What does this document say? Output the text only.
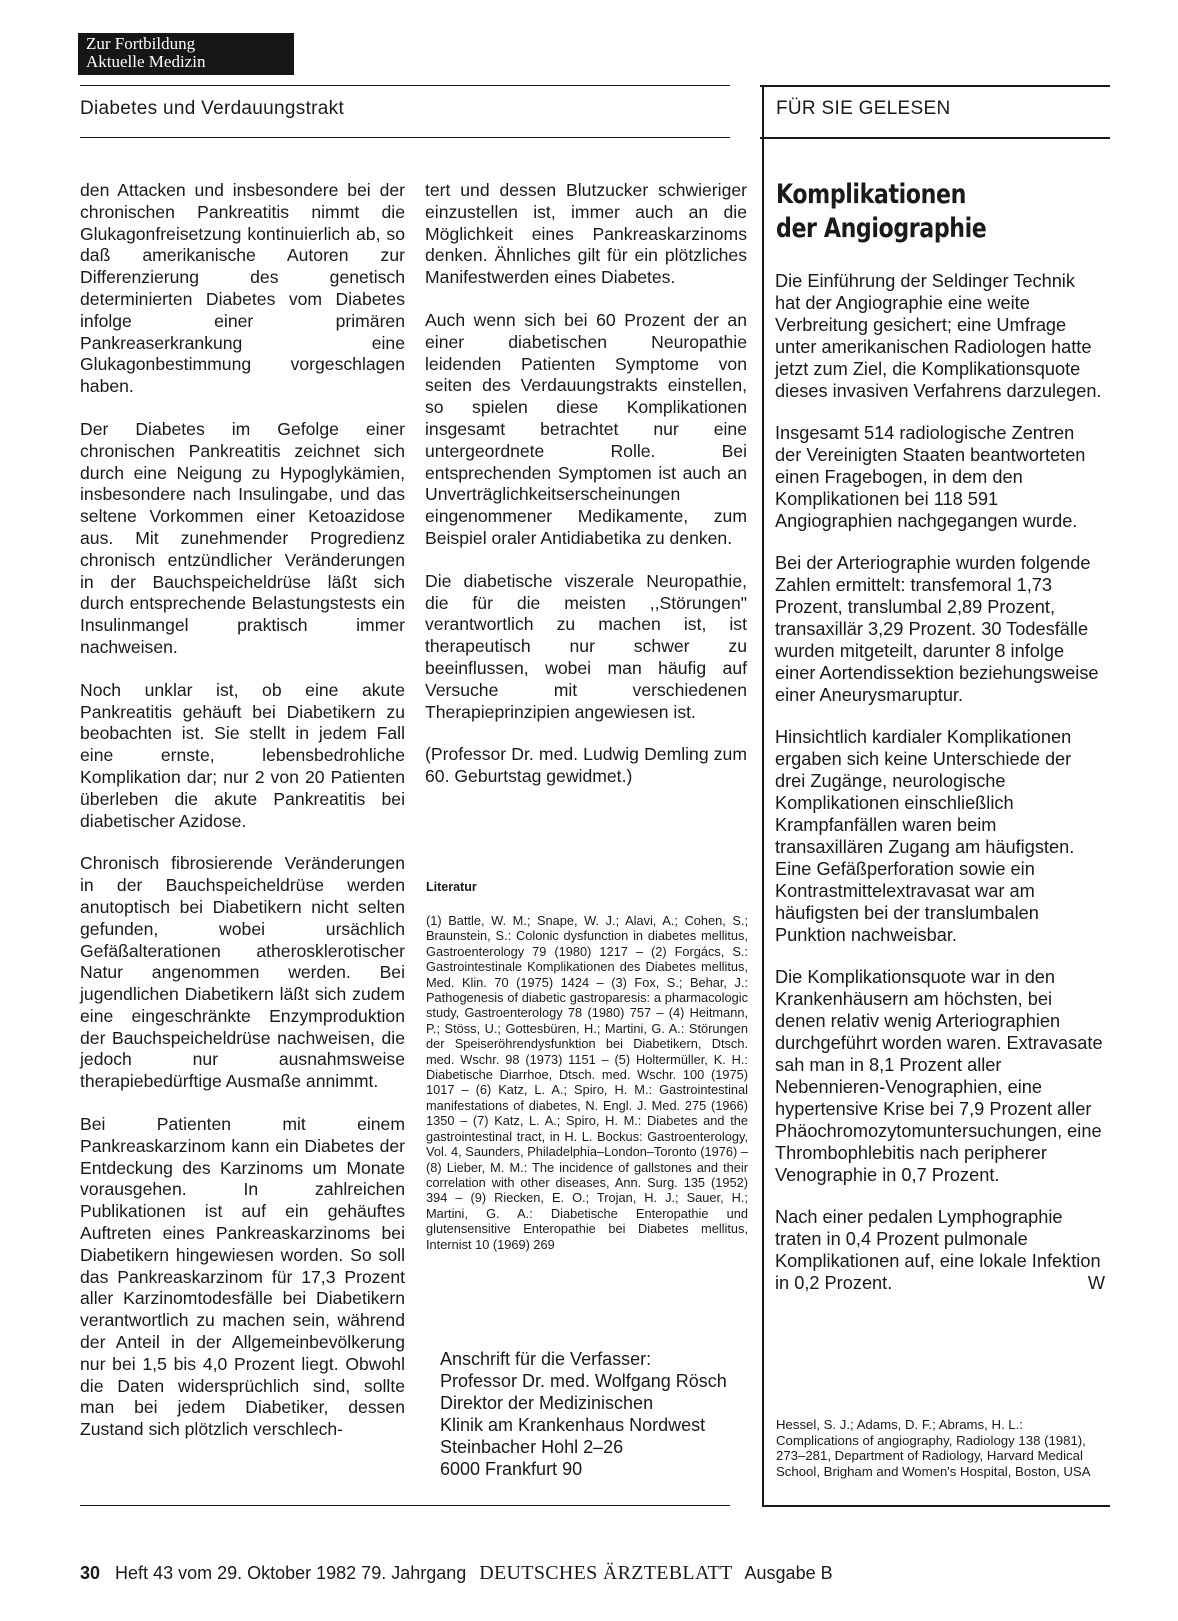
Zur Fortbildung
Aktuelle Medizin
Diabetes und Verdauungstrakt	FÜR SIE GELESEN

den Attacken und insbesondere bei der chronischen Pankreatitis nimmt die Glukagonfreisetzung kontinuierlich ab, so daß amerikanische Autoren zur Differenzierung des genetisch determinierten Diabetes vom Diabetes infolge einer primären Pankreaserkrankung eine Glukagonbestimmung vorgeschlagen haben.

Der Diabetes im Gefolge einer chronischen Pankreatitis zeichnet sich durch eine Neigung zu Hypoglykämien, insbesondere nach Insulingabe, und das seltene Vorkommen einer Ketoazidose aus. Mit zunehmender Progredienz chronisch entzündlicher Veränderungen in der Bauchspeicheldrüse läßt sich durch entsprechende Belastungstests ein Insulinmangel praktisch immer nachweisen.

Noch unklar ist, ob eine akute Pankreatitis gehäuft bei Diabetikern zu beobachten ist. Sie stellt in jedem Fall eine ernste, lebensbedrohliche Komplikation dar; nur 2 von 20 Patienten überleben die akute Pankreatitis bei diabetischer Azidose.

Chronisch fibrosierende Veränderungen in der Bauchspeicheldrüse werden anutoptisch bei Diabetikern nicht selten gefunden, wobei ursächlich Gefäßalterationen atherosklerotischer Natur angenommen werden. Bei jugendlichen Diabetikern läßt sich zudem eine eingeschränkte Enzymproduktion der Bauchspeicheldrüse nachweisen, die jedoch nur ausnahmsweise therapiebedürftige Ausmaße annimmt.

Bei Patienten mit einem Pankreaskarzinom kann ein Diabetes der Entdeckung des Karzinoms um Monate vorausgehen. In zahlreichen Publikationen ist auf ein gehäuftes Auftreten eines Pankreaskarzinoms bei Diabetikern hingewiesen worden. So soll das Pankreaskarzinom für 17,3 Prozent aller Karzinomtodesfälle bei Diabetikern verantwortlich zu machen sein, während der Anteil in der Allgemeinbevölkerung nur bei 1,5 bis 4,0 Prozent liegt. Obwohl die Daten widersprüchlich sind, sollte man bei jedem Diabetiker, dessen Zustand sich plötzlich verschlech-

tert und dessen Blutzucker schwieriger einzustellen ist, immer auch an die Möglichkeit eines Pankreaskarzinoms denken. Ähnliches gilt für ein plötzliches Manifestwerden eines Diabetes.

Auch wenn sich bei 60 Prozent der an einer diabetischen Neuropathie leidenden Patienten Symptome von seiten des Verdauungstrakts einstellen, so spielen diese Komplikationen insgesamt betrachtet nur eine untergeordnete Rolle. Bei entsprechenden Symptomen ist auch an Unverträglichkeitserscheinungen eingenommener Medikamente, zum Beispiel oraler Antidiabetika zu denken.

Die diabetische viszerale Neuropathie, die für die meisten ,,Störungen" verantwortlich zu machen ist, ist therapeutisch nur schwer zu beeinflussen, wobei man häufig auf Versuche mit verschiedenen Therapieprinzipien angewiesen ist.

(Professor Dr. med. Ludwig Demling zum 60. Geburtstag gewidmet.)

Literatur
(1) Battle, W. M.; Snape, W. J.; Alavi, A.; Cohen, S.; Braunstein, S.: Colonic dysfunction in diabetes mellitus, Gastroenterology 79 (1980) 1217 – (2) Forgács, S.: Gastrointestinale Komplikationen des Diabetes mellitus, Med. Klin. 70 (1975) 1424 – (3) Fox, S.; Behar, J.: Pathogenesis of diabetic gastroparesis: a pharmacologic study, Gastroenterology 78 (1980) 757 – (4) Heitmann, P.; Stöss, U.; Gottesbüren, H.; Martini, G. A.: Störungen der Speiseröhrendysfunktion bei Diabetikern, Dtsch. med. Wschr. 98 (1973) 1151 – (5) Holtermüller, K. H.: Diabetische Diarrhoe, Dtsch. med. Wschr. 100 (1975) 1017 – (6) Katz, L. A.; Spiro, H. M.: Gastrointestinal manifestations of diabetes, N. Engl. J. Med. 275 (1966) 1350 – (7) Katz, L. A.; Spiro, H. M.: Diabetes and the gastrointestinal tract, in H. L. Bockus: Gastroenterology, Vol. 4, Saunders, Philadelphia–London–Toronto (1976) – (8) Lieber, M. M.: The incidence of gallstones and their correlation with other diseases, Ann. Surg. 135 (1952) 394 – (9) Riecken, E. O.; Trojan, H. J.; Sauer, H.; Martini, G. A.: Diabetische Enteropathie und glutensensitive Enteropathie bei Diabetes mellitus, Internist 10 (1969) 269
Anschrift für die Verfasser:
Professor Dr. med. Wolfgang Rösch
Direktor der Medizinischen
Klinik am Krankenhaus Nordwest
Steinbacher Hohl 2–26
6000 Frankfurt 90
Komplikationen
der Angiographie

Die Einführung der Seldinger Technik hat der Angiographie eine weite Verbreitung gesichert; eine Umfrage unter amerikanischen Radiologen hatte jetzt zum Ziel, die Komplikationsquote dieses invasiven Verfahrens darzulegen.

Insgesamt 514 radiologische Zentren der Vereinigten Staaten beantworteten einen Fragebogen, in dem den Komplikationen bei 118 591 Angiographien nachgegangen wurde.

Bei der Arteriographie wurden folgende Zahlen ermittelt: transfemoral 1,73 Prozent, translumbal 2,89 Prozent, transaxillär 3,29 Prozent. 30 Todesfälle wurden mitgeteilt, darunter 8 infolge einer Aortendissektion beziehungsweise einer Aneurysmaruptur.

Hinsichtlich kardialer Komplikationen ergaben sich keine Unterschiede der drei Zugänge, neurologische Komplikationen einschließlich Krampfanfällen waren beim transaxillären Zugang am häufigsten. Eine Gefäßperforation sowie ein Kontrastmittelextravasat war am häufigsten bei der translumbalen Punktion nachweisbar.

Die Komplikationsquote war in den Krankenhäusern am höchsten, bei denen relativ wenig Arteriographien durchgeführt worden waren. Extravasate sah man in 8,1 Prozent aller Nebennieren-Venographien, eine hypertensive Krise bei 7,9 Prozent aller Phäochromozytomuntersuchungen, eine Thrombophlebitis nach peripherer Venographie in 0,7 Prozent.

Nach einer pedalen Lymphographie traten in 0,4 Prozent pulmonale Komplikationen auf, eine lokale Infektion in 0,2 Prozent.	W

Hessel, S. J.; Adams, D. F.; Abrams, H. L.: Complications of angiography, Radiology 138 (1981), 273–281, Department of Radiology, Harvard Medical School, Brigham and Women's Hospital, Boston, USA
30 Heft 43 vom 29. Oktober 1982 79. Jahrgang DEUTSCHES ÄRZTEBLATT Ausgabe B
